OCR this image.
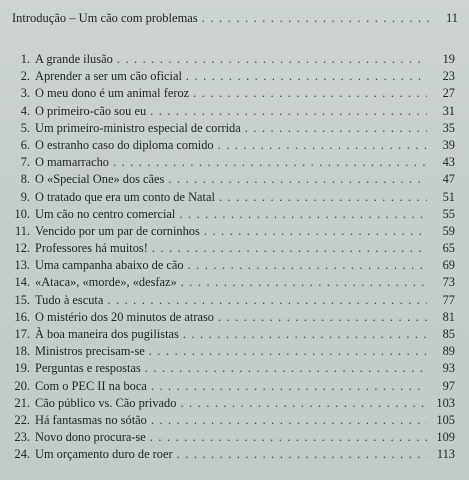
Introdução – Um cão com problemas . . .	11
1. A grande ilusão . . .	19
2. Aprender a ser um cão oficial . . .	23
3. O meu dono é um animal feroz . . .	27
4. O primeiro-cão sou eu . . .	31
5. Um primeiro-ministro especial de corrida . . .	35
6. O estranho caso do diploma comido . . .	39
7. O mamarracho . . .	43
8. O «Special One» dos cães . . .	47
9. O tratado que era um conto de Natal . . .	51
10. Um cão no centro comercial . . .	55
11. Vencido por um par de corninhos . . .	59
12. Professores há muitos! . . .	65
13. Uma campanha abaixo de cão . . .	69
14. «Ataca», «morde», «desfaz» . . .	73
15. Tudo à escuta . . .	77
16. O mistério dos 20 minutos de atraso . . .	81
17. À boa maneira dos pugilistas . . .	85
18. Ministros precisam-se . . .	89
19. Perguntas e respostas . . .	93
20. Com o PEC II na boca . . .	97
21. Cão público vs. Cão privado . . .	103
22. Há fantasmas no sótão . . .	105
23. Novo dono procura-se . . .	109
24. Um orçamento duro de roer . . .	113
